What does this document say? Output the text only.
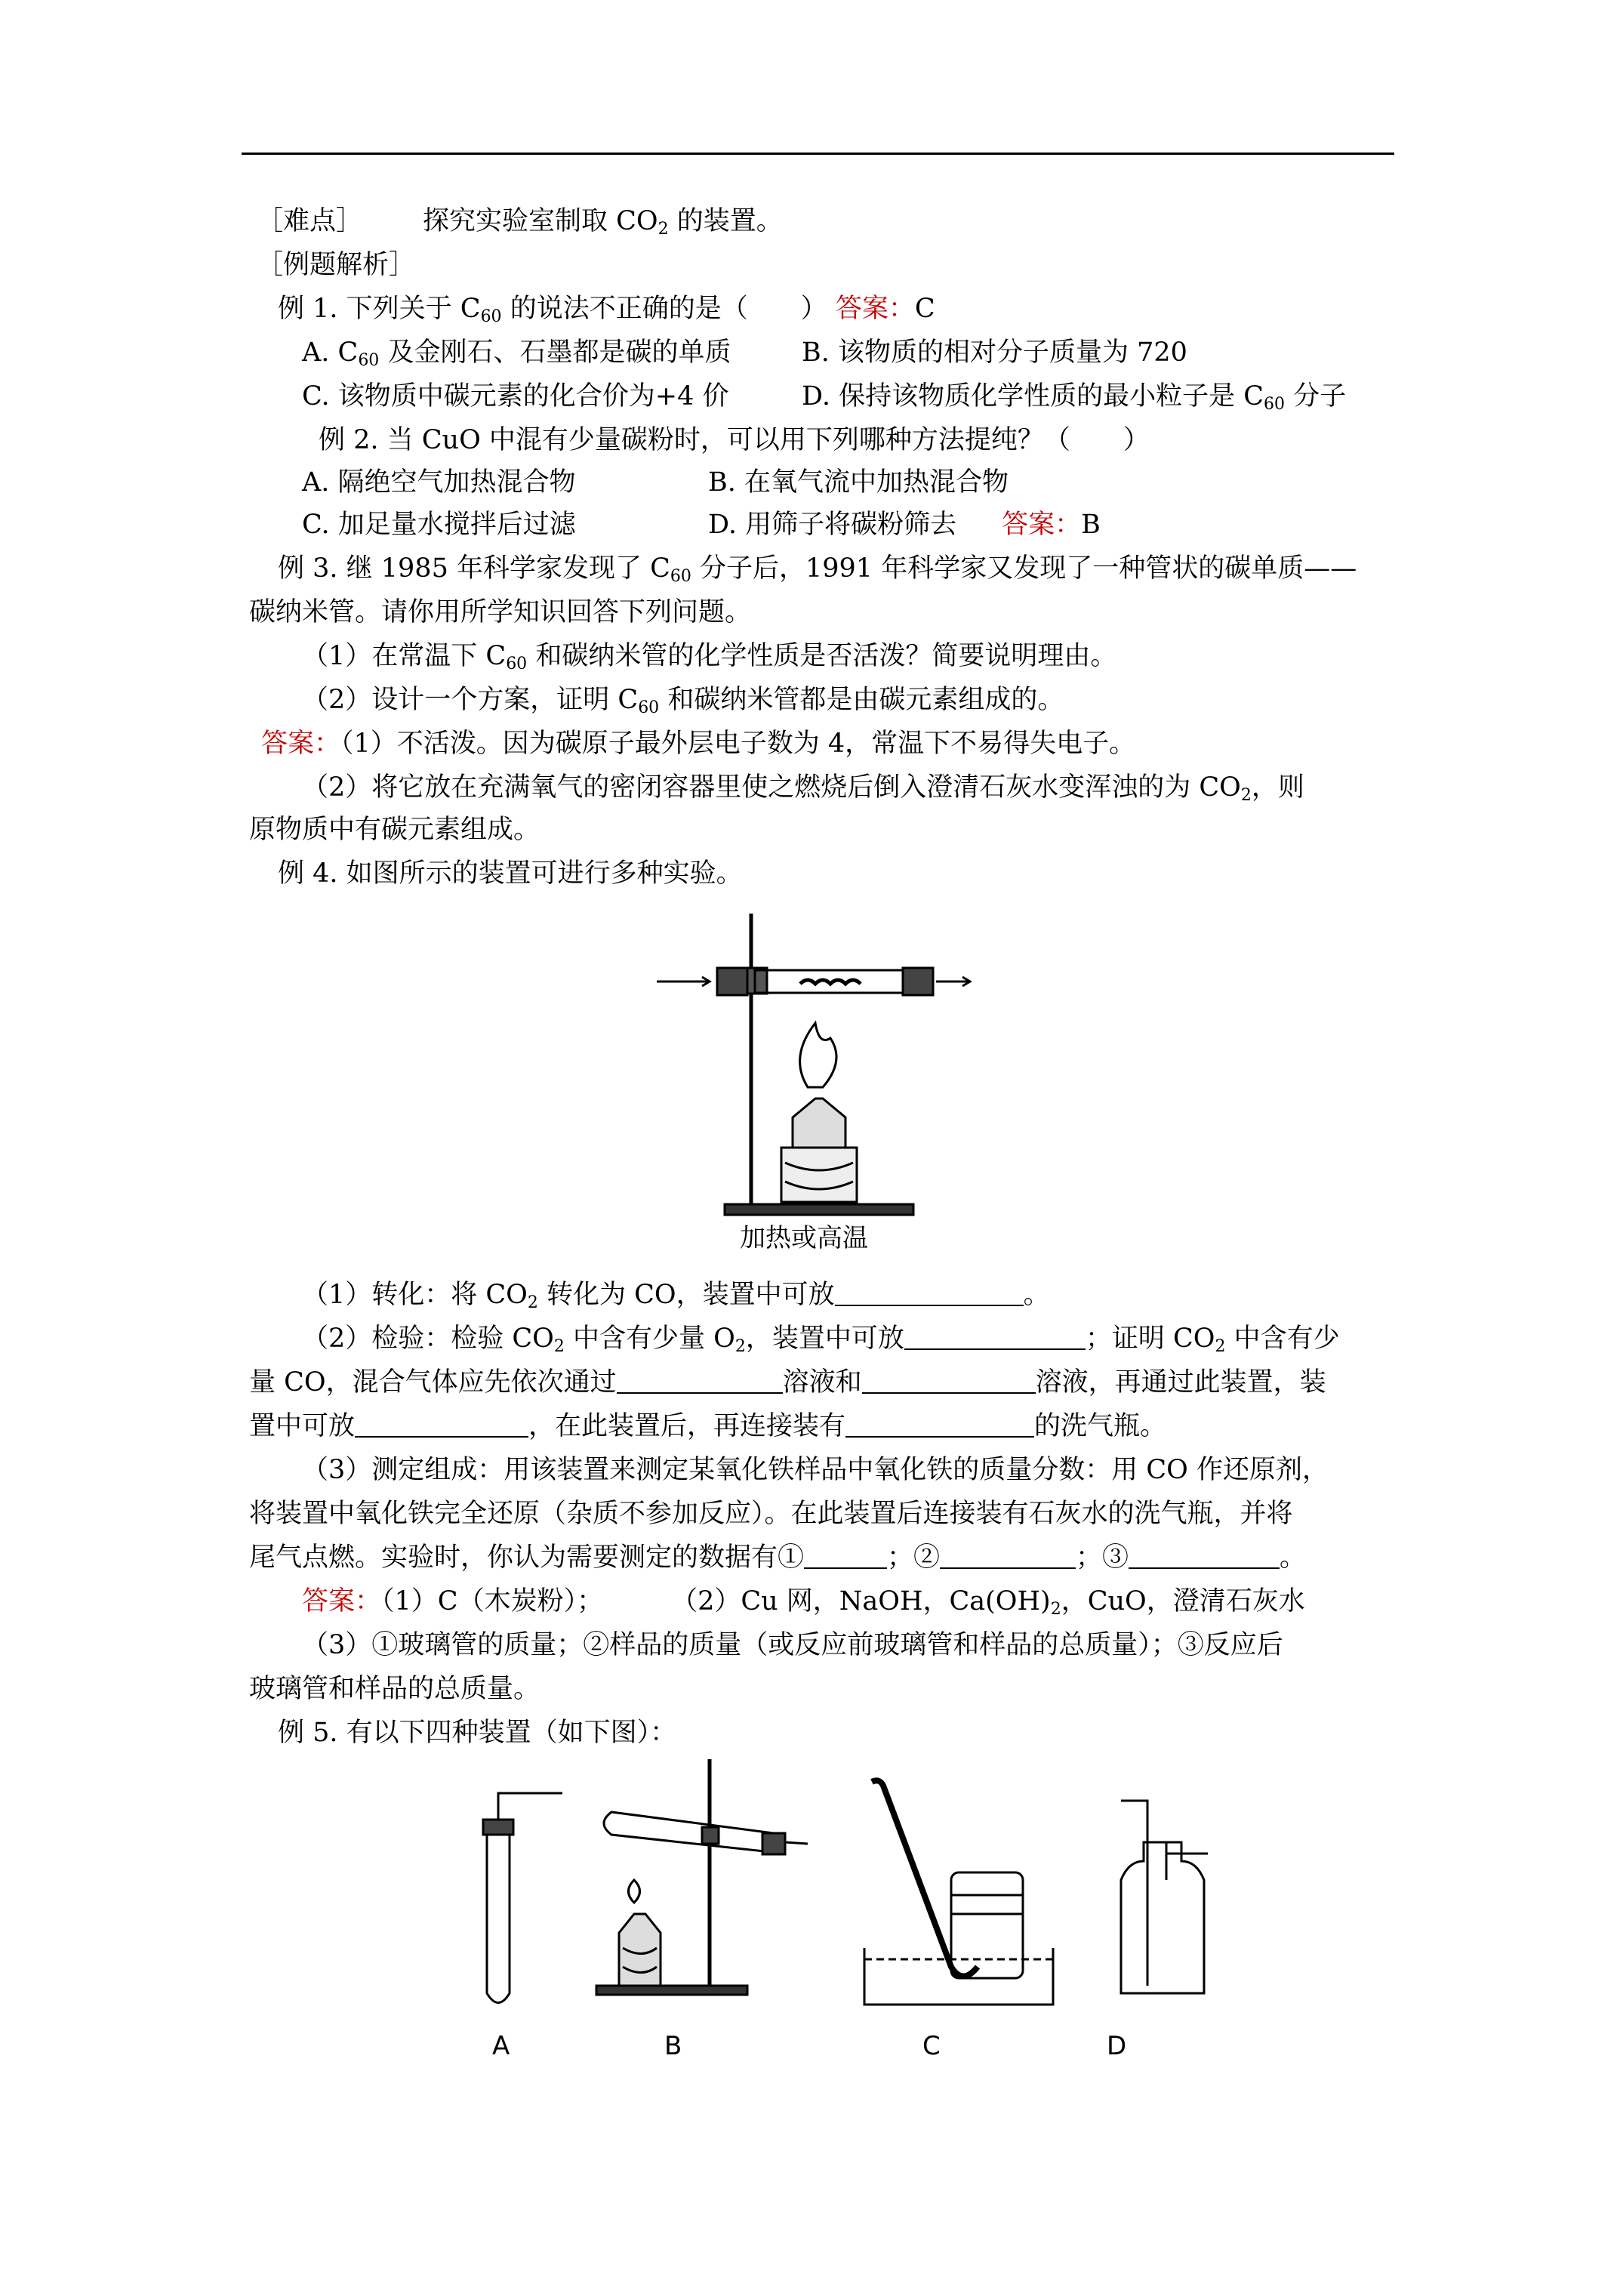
［难点］ 探究实验室制取 $CO_2$ 的装置。
［例题解析］
例 1. 下列关于 $C_{60}$ 的说法不正确的是（　　） 答案：C
A. $C_{60}$ 及金刚石、石墨都是碳的单质	B. 该物质的相对分子质量为 720
C. 该物质中碳元素的化合价为+4 价	D. 保持该物质化学性质的最小粒子是 $C_{60}$ 分子
例 2. 当 CuO 中混有少量碳粉时，可以用下列哪种方法提纯？（　　）
A. 隔绝空气加热混合物	B. 在氧气流中加热混合物
C. 加足量水搅拌后过滤	D. 用筛子将碳粉筛去 答案：B
例 3. 继 1985 年科学家发现了 $C_{60}$ 分子后，1991 年科学家又发现了一种管状的碳单质——
碳纳米管。请你用所学知识回答下列问题。
（1）在常温下 $C_{60}$ 和碳纳米管的化学性质是否活泼？简要说明理由。
（2）设计一个方案，证明 $C_{60}$ 和碳纳米管都是由碳元素组成的。
答案：（1）不活泼。因为碳原子最外层电子数为 4，常温下不易得失电子。
（2）将它放在充满氧气的密闭容器里使之燃烧后倒入澄清石灰水变浑浊的为 $CO_2$，则
原物质中有碳元素组成。
例 4. 如图所示的装置可进行多种实验。
加热或高温
（1）转化：将 $CO_2$ 转化为 CO，装置中可放	。
（2）检验：检验 $CO_2$ 中含有少量 $O_2$，装置中可放	；证明 $CO_2$ 中含有少
量 CO，混合气体应先依次通过	溶液和	溶液，再通过此装置，装
置中可放	，在此装置后，再连接装有	的洗气瓶。
（3）测定组成：用该装置来测定某氧化铁样品中氧化铁的质量分数：用 CO 作还原剂，
将装置中氧化铁完全还原（杂质不参加反应）。在此装置后连接装有石灰水的洗气瓶，并将
尾气点燃。实验时，你认为需要测定的数据有①	；②	；③	。
答案：（1）C（木炭粉）；	（2）Cu 网，NaOH，$Ca(OH)_2$，CuO，澄清石灰水
（3）①玻璃管的质量；②样品的质量（或反应前玻璃管和样品的总质量）；③反应后
玻璃管和样品的总质量。
例 5. 有以下四种装置（如下图）：
A	B	C	D
